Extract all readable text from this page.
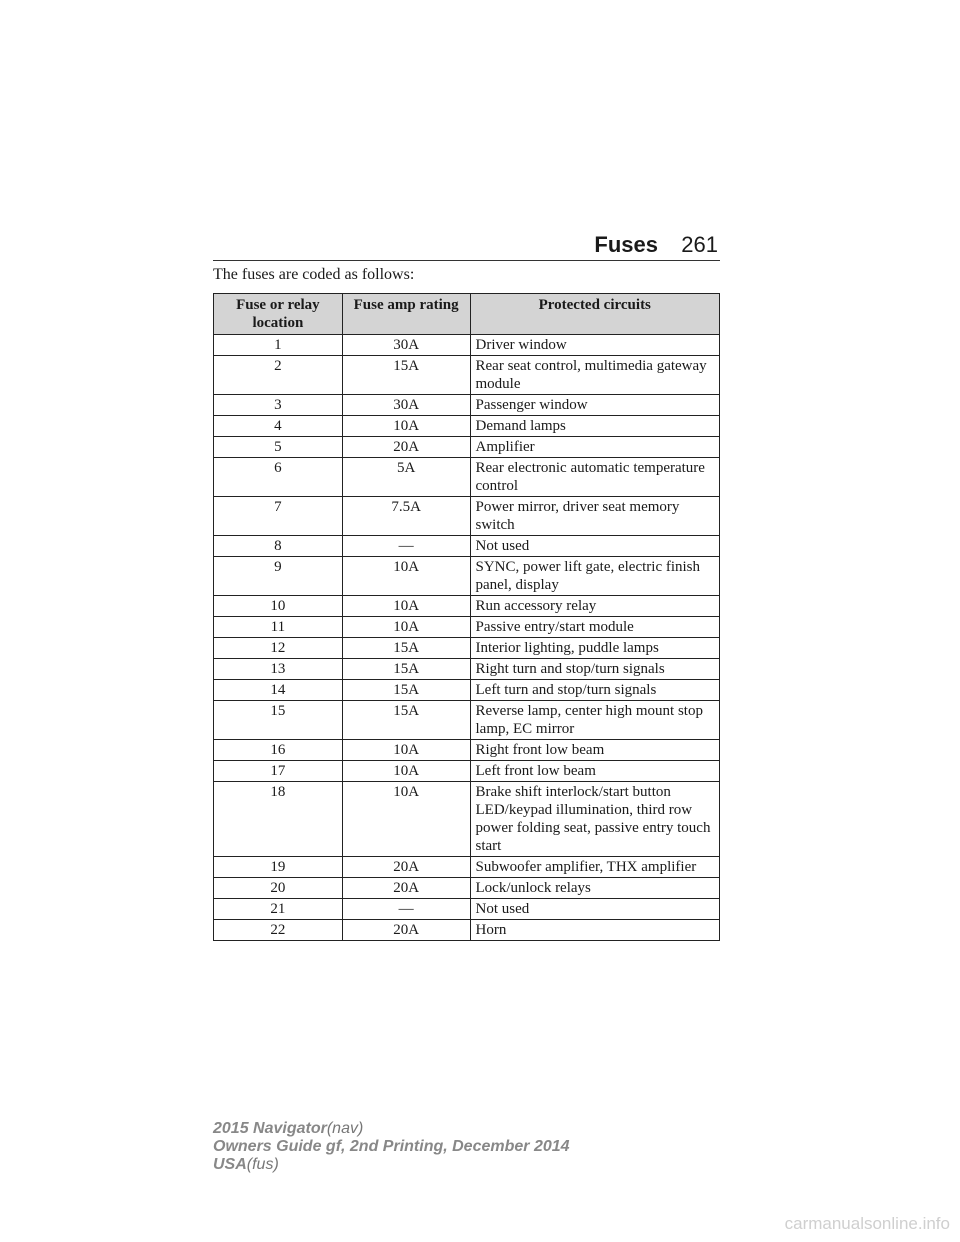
Fuses 261
The fuses are coded as follows:
Fuse or relay location	Fuse amp rating	Protected circuits
1	30A	Driver window
2	15A	Rear seat control, multimedia gateway module
3	30A	Passenger window
4	10A	Demand lamps
5	20A	Amplifier
6	5A	Rear electronic automatic temperature control
7	7.5A	Power mirror, driver seat memory switch
8	—	Not used
9	10A	SYNC, power lift gate, electric finish panel, display
10	10A	Run accessory relay
11	10A	Passive entry/start module
12	15A	Interior lighting, puddle lamps
13	15A	Right turn and stop/turn signals
14	15A	Left turn and stop/turn signals
15	15A	Reverse lamp, center high mount stop lamp, EC mirror
16	10A	Right front low beam
17	10A	Left front low beam
18	10A	Brake shift interlock/start button LED/keypad illumination, third row power folding seat, passive entry touch start
19	20A	Subwoofer amplifier, THX amplifier
20	20A	Lock/unlock relays
21	—	Not used
22	20A	Horn
2015 Navigator(nav)
Owners Guide gf, 2nd Printing, December 2014
USA(fus)
carmanualsonline.info
